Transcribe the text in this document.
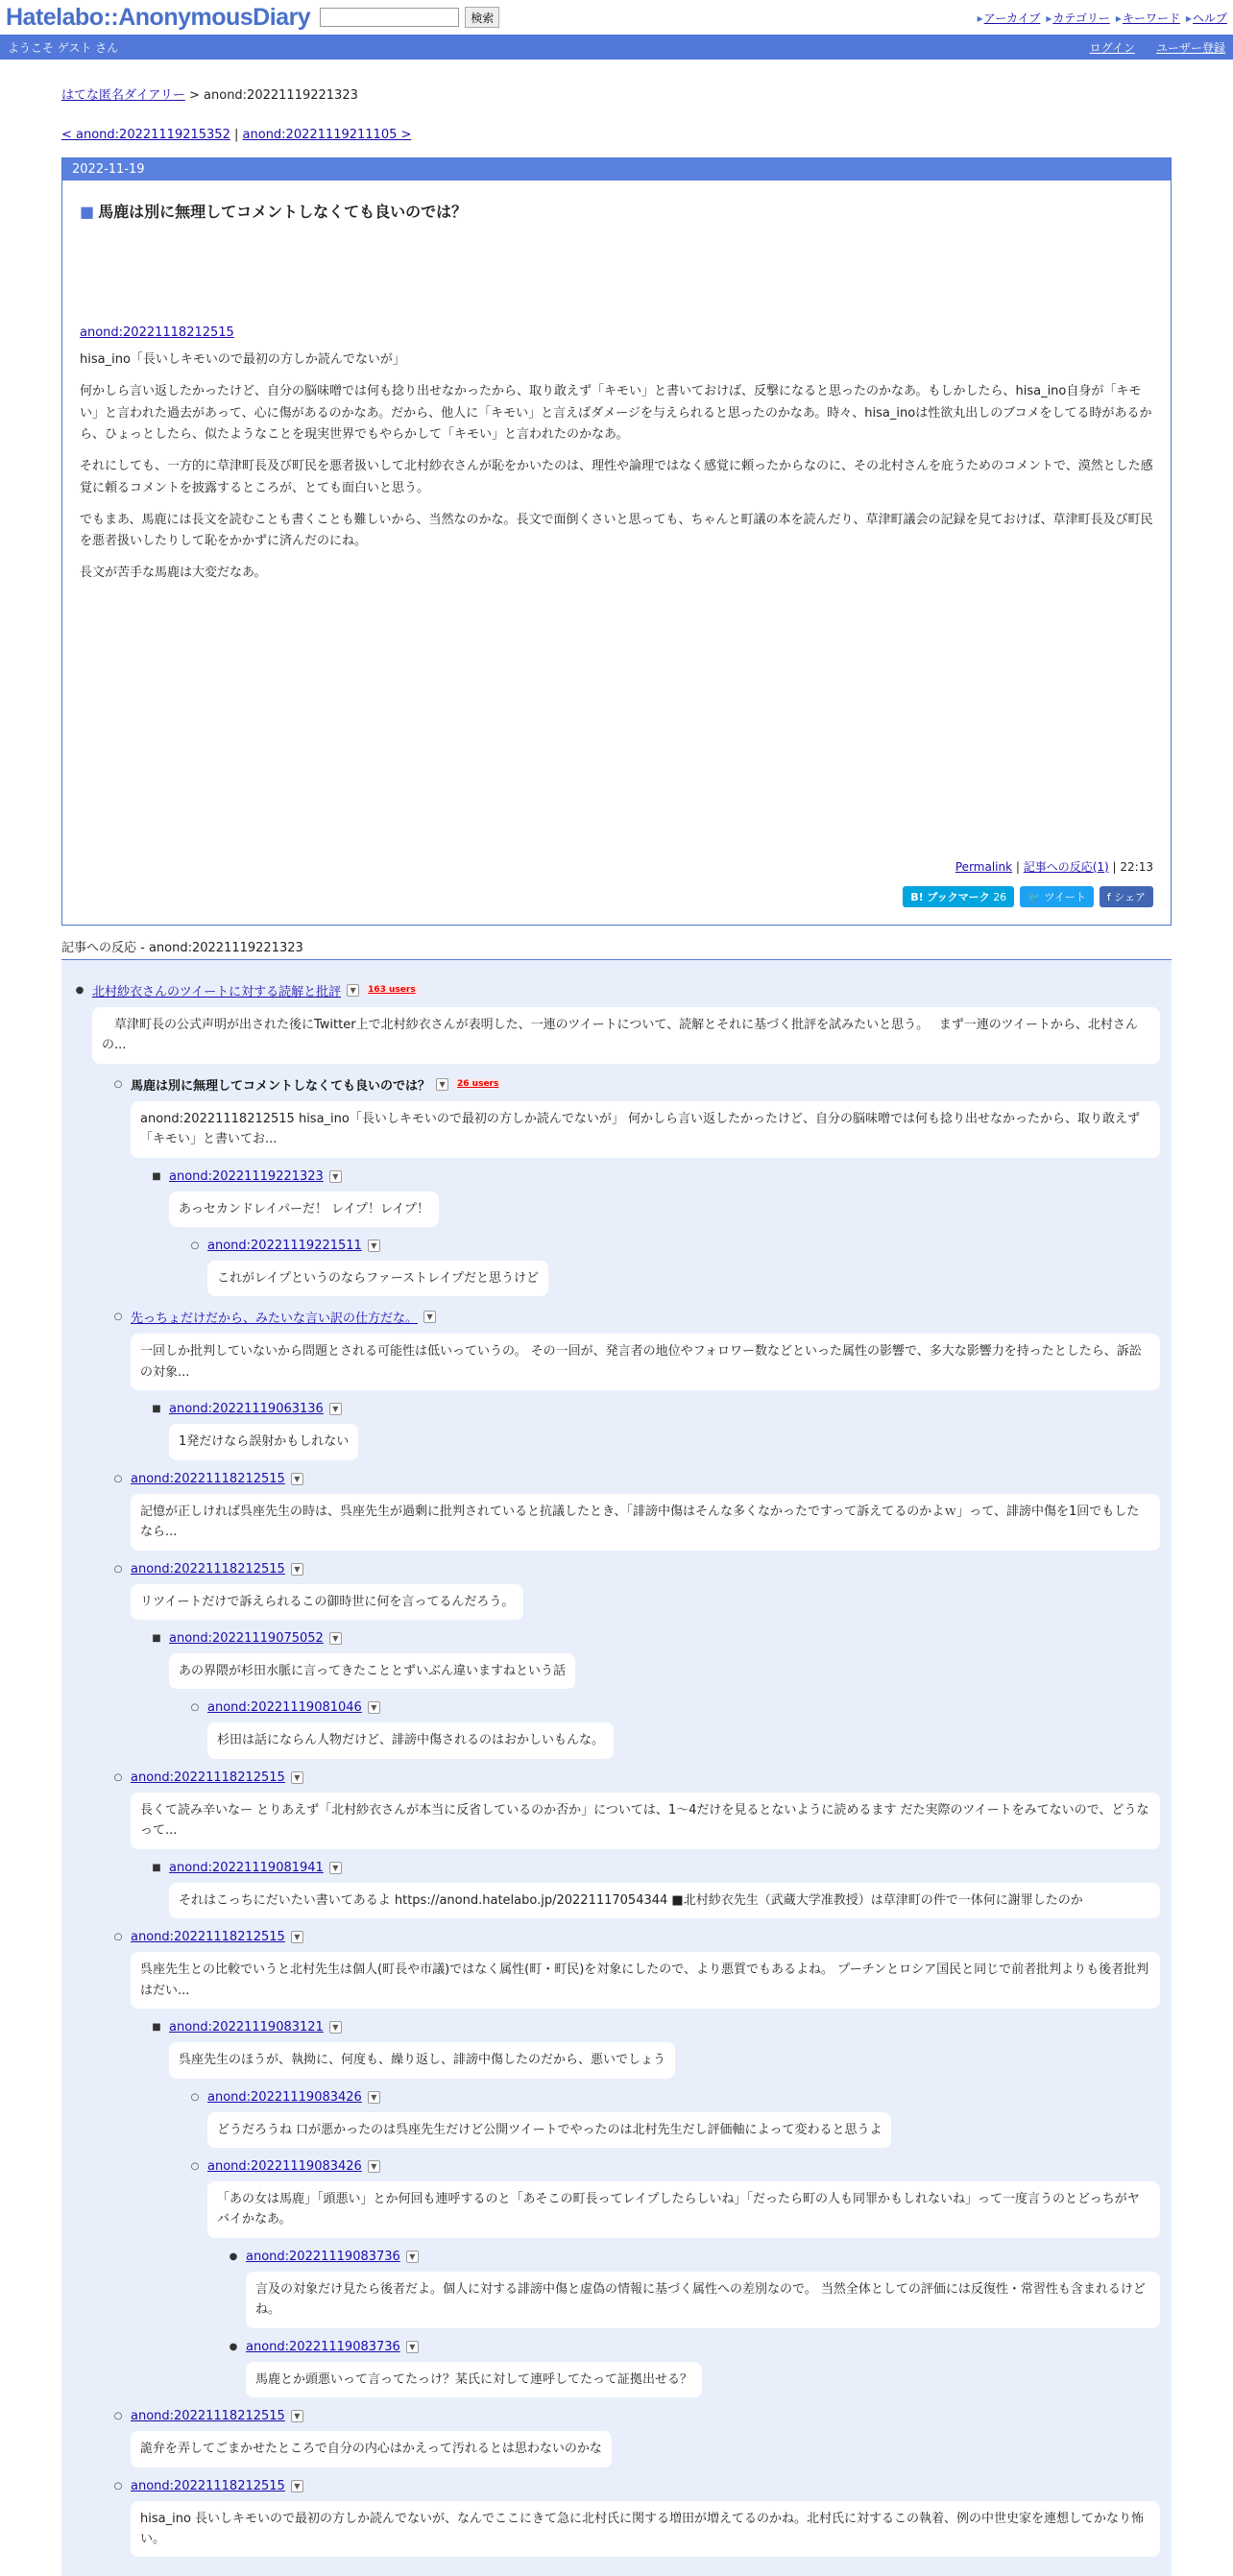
Hatelabo::AnonymousDiary	検索	▸ アーカイブ	▸ カテゴリー	▸ キーワード	▸ ヘルプ
ようこそ ゲスト さん	ログイン ユーザー登録
はてな匿名ダイアリー > anond:20221119221323
< anond:20221119215352 | anond:20221119211105 >
2022-11-19
■ 馬鹿は別に無理してコメントしなくても良いのでは？
anond:20221118212515

hisa_ino「長いしキモいので最初の方しか読んでないが」

何かしら言い返したかったけど、自分の脳味噌では何も捻り出せなかったから、取り敢えず「キモい」と書いておけば、反撃になると思ったのかなあ。もしかしたら、hisa_ino自身が「キモい」と言われた過去があって、心に傷があるのかなあ。だから、他人に「キモい」と言えばダメージを与えられると思ったのかなあ。時々、hisa_inoは性欲丸出しのブコメをしてる時があるから、ひょっとしたら、似たようなことを現実世界でもやらかして「キモい」と言われたのかなあ。

それにしても、一方的に草津町長及び町民を悪者扱いして北村紗衣さんが恥をかいたのは、理性や論理ではなく感覚に頼ったからなのに、その北村さんを庇うためのコメントで、漠然とした感覚に頼るコメントを披露するところが、とても面白いと思う。

でもまあ、馬鹿には長文を読むことも書くことも難しいから、当然なのかな。長文で面倒くさいと思っても、ちゃんと町議の本を読んだり、草津町議会の記録を見ておけば、草津町長及び町民を悪者扱いしたりして恥をかかずに済んだのにね。

長文が苦手な馬鹿は大変だなあ。

Permalink | 記事への反応(1) | 22:13
B! ブックマーク 26	🐦 ツイート	f シェア
記事への反応 - anond:20221119221323
● 北村紗衣さんのツイートに対する読解と批評	▼	163 users
　草津町長の公式声明が出された後にTwitter上で北村紗衣さんが表明した、一連のツイートについて、読解とそれに基づく批評を試みたいと思う。　 まず一連のツイートから、北村さんの...
○ 馬鹿は別に無理してコメントしなくても良いのでは？	▼	26 users
anond:20221118212515 hisa_ino「長いしキモいので最初の方しか読んでないが」 何かしら言い返したかったけど、自分の脳味噌では何も捻り出せなかったから、取り敢えず「キモい」と書いてお...
■ anond:20221119221323	▼
あっセカンドレイパーだ！ レイプ！レイプ！
○ anond:20221119221511	▼
これがレイプというのならファーストレイプだと思うけど
○ 先っちょだけだから、みたいな言い訳の仕方だな。	▼
一回しか批判していないから問題とされる可能性は低いっていうの。 その一回が、発言者の地位やフォロワー数などといった属性の影響で、多大な影響力を持ったとしたら、訴訟の対象...
■ anond:20221119063136	▼
1発だけなら誤射かもしれない
○ anond:20221118212515	▼
記憶が正しければ呉座先生の時は、呉座先生が過剰に批判されていると抗議したとき、「誹謗中傷はそんな多くなかったですって訴えてるのかよｗ」って、誹謗中傷を1回でもしたなら...
○ anond:20221118212515	▼
リツイートだけで訴えられるこの御時世に何を言ってるんだろう。
■ anond:20221119075052	▼
あの界隈が杉田水脈に言ってきたこととずいぶん違いますねという話
○ anond:20221119081046	▼
杉田は話にならん人物だけど、誹謗中傷されるのはおかしいもんな。
○ anond:20221118212515	▼
長くて読み辛いなー とりあえず「北村紗衣さんが本当に反省しているのか否か」については、1～4だけを見るとないように読めるます だた実際のツイートをみてないので、どうなって...
■ anond:20221119081941	▼
それはこっちにだいたい書いてあるよ https://anond.hatelabo.jp/20221117054344 ■北村紗衣先生（武蔵大学准教授）は草津町の件で一体何に謝罪したのか
○ anond:20221118212515	▼
呉座先生との比較でいうと北村先生は個人(町長や市議)ではなく属性(町・町民)を対象にしたので、より悪質でもあるよね。 プーチンとロシア国民と同じで前者批判よりも後者批判はだい...
■ anond:20221119083121	▼
呉座先生のほうが、執拗に、何度も、繰り返し、誹謗中傷したのだから、悪いでしょう
○ anond:20221119083426	▼
どうだろうね 口が悪かったのは呉座先生だけど公開ツイートでやったのは北村先生だし評価軸によって変わると思うよ
○ anond:20221119083426	▼
「あの女は馬鹿」「頭悪い」とか何回も連呼するのと「あそこの町長ってレイプしたらしいね」「だったら町の人も同罪かもしれないね」って一度言うのとどっちがヤバイかなあ。
● anond:20221119083736	▼
言及の対象だけ見たら後者だよ。個人に対する誹謗中傷と虚偽の情報に基づく属性への差別なので。 当然全体としての評価には反復性・常習性も含まれるけどね。
● anond:20221119083736	▼
馬鹿とか頭悪いって言ってたっけ？某氏に対して連呼してたって証拠出せる？
○ anond:20221118212515	▼
詭弁を弄してごまかせたところで自分の内心はかえって汚れるとは思わないのかな
○ anond:20221118212515	▼
hisa_ino 長いしキモいので最初の方しか読んでないが、なんでここにきて急に北村氏に関する増田が増えてるのかね。北村氏に対するこの執着、例の中世史家を連想してかなり怖い。
